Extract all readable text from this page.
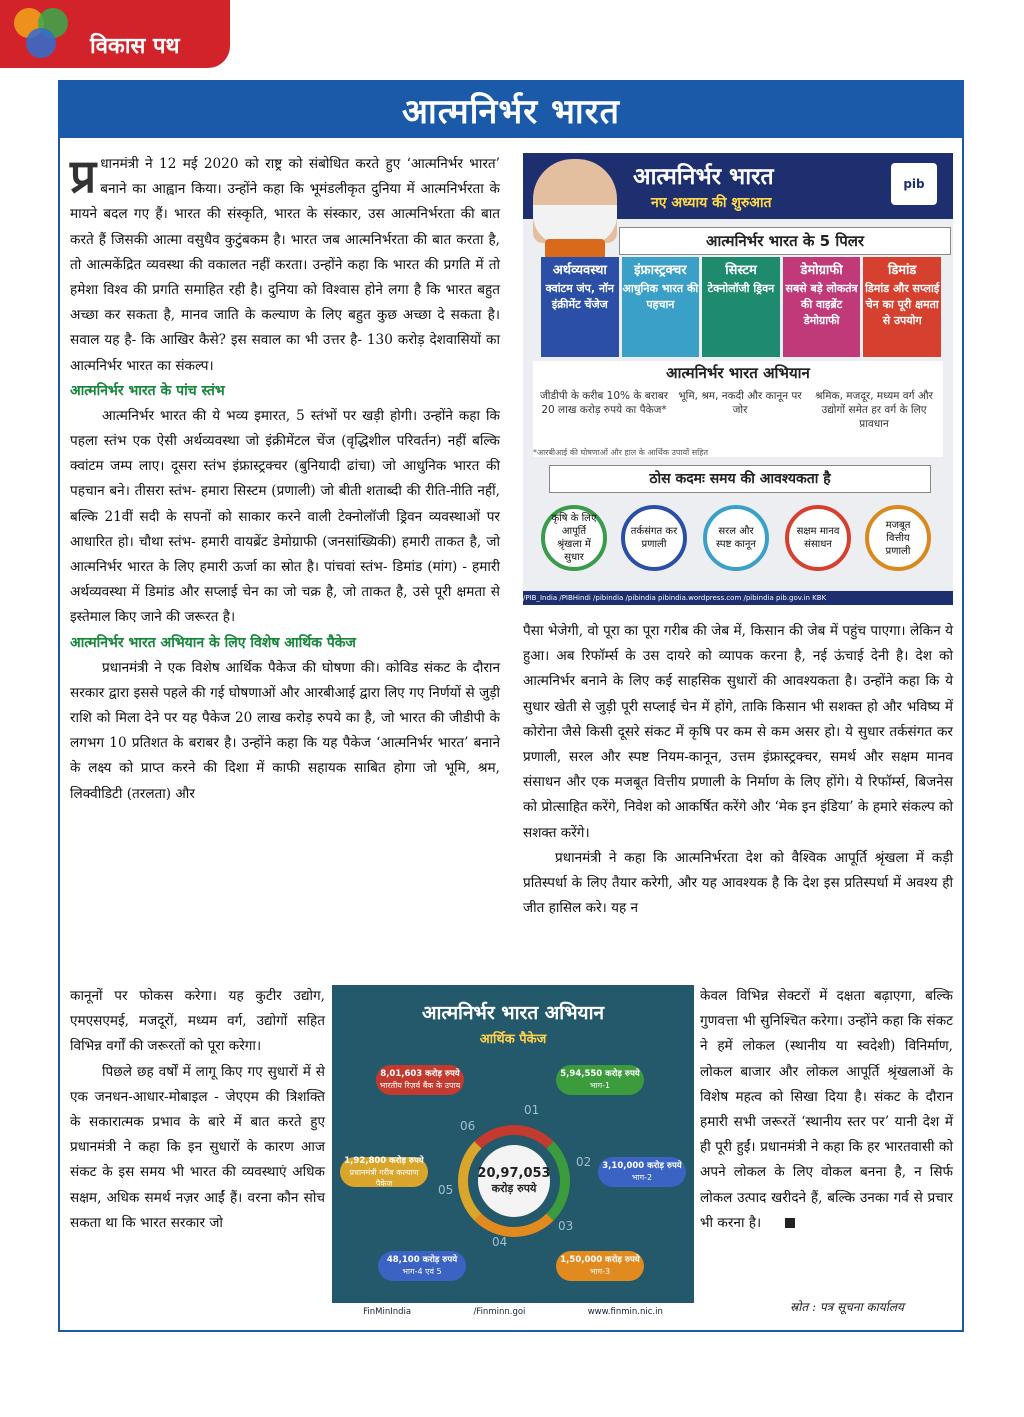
विकास पथ
आत्मनिर्भर भारत

प्र धानमंत्री ने 12 मई 2020 को राष्ट्र को संबोधित करते हुए ‘आत्मनिर्भर भारत’ बनाने का आह्वान किया। उन्होंने कहा कि भूमंडलीकृत दुनिया में आत्मनिर्भरता के मायने बदल गए हैं। भारत की संस्कृति, भारत के संस्कार, उस आत्मनिर्भरता की बात करते हैं जिसकी आत्मा वसुधैव कुटुंबकम है। भारत जब आत्मनिर्भरता की बात करता है, तो आत्मकेंद्रित व्यवस्था की वकालत नहीं करता। उन्होंने कहा कि भारत की प्रगति में तो हमेशा विश्व की प्रगति समाहित रही है। दुनिया को विश्वास होने लगा है कि भारत बहुत अच्छा कर सकता है, मानव जाति के कल्याण के लिए बहुत कुछ अच्छा दे सकता है। सवाल यह है- कि आखिर कैसे? इस सवाल का भी उत्तर है- 130 करोड़ देशवासियों का आत्मनिर्भर भारत का संकल्प।

आत्मनिर्भर भारत के पांच स्तंभ

आत्मनिर्भर भारत की ये भव्य इमारत, 5 स्तंभों पर खड़ी होगी। उन्होंने कहा कि पहला स्तंभ एक ऐसी अर्थव्यवस्था जो इंक्रीमेंटल चेंज (वृद्धिशील परिवर्तन) नहीं बल्कि क्वांटम जम्प लाए। दूसरा स्तंभ इंफ्रास्ट्रक्चर (बुनियादी ढांचा) जो आधुनिक भारत की पहचान बने। तीसरा स्तंभ- हमारा सिस्टम (प्रणाली) जो बीती शताब्दी की रीति-नीति नहीं, बल्कि 21वीं सदी के सपनों को साकार करने वाली टेक्नोलॉजी ड्रिवन व्यवस्थाओं पर आधारित हो। चौथा स्तंभ- हमारी वायब्रेंट डेमोग्राफी (जनसांख्यिकी) हमारी ताकत है, जो आत्मनिर्भर भारत के लिए हमारी ऊर्जा का स्रोत है। पांचवां स्तंभ- डिमांड (मांग) - हमारी अर्थव्यवस्था में डिमांड और सप्लाई चेन का जो चक्र है, जो ताकत है, उसे पूरी क्षमता से इस्तेमाल किए जाने की जरूरत है।

आत्मनिर्भर भारत अभियान के लिए विशेष आर्थिक पैकेज

प्रधानमंत्री ने एक विशेष आर्थिक पैकेज की घोषणा की। कोविड संकट के दौरान सरकार द्वारा इससे पहले की गई घोषणाओं और आरबीआई द्वारा लिए गए निर्णयों से जुड़ी राशि को मिला देने पर यह पैकेज 20 लाख करोड़ रुपये का है, जो भारत की जीडीपी के लगभग 10 प्रतिशत के बराबर है। उन्होंने कहा कि यह पैकेज ‘आत्मनिर्भर भारत’ बनाने के लक्ष्य को प्राप्त करने की दिशा में काफी सहायक साबित होगा जो भूमि, श्रम, लिक्वीडिटी (तरलता) और

कानूनों पर फोकस करेगा। यह कुटीर उद्योग, एमएसएमई, मजदूरों, मध्यम वर्ग, उद्योगों सहित विभिन्न वर्गों की जरूरतों को पूरा करेगा।

पिछले छह वर्षों में लागू किए गए सुधारों में से एक जनधन-आधार-मोबाइल - जेएएम की त्रिशक्ति के सकारात्मक प्रभाव के बारे में बात करते हुए प्रधानमंत्री ने कहा कि इन सुधारों के कारण आज संकट के इस समय भी भारत की व्यवस्थाएं अधिक सक्षम, अधिक समर्थ नज़र आईं हैं। वरना कौन सोच सकता था कि भारत सरकार जो

पैसा भेजेगी, वो पूरा का पूरा गरीब की जेब में, किसान की जेब में पहुंच पाएगा। लेकिन ये हुआ। अब रिफॉर्म्स के उस दायरे को व्यापक करना है, नई ऊंचाई देनी है। देश को आत्मनिर्भर बनाने के लिए कई साहसिक सुधारों की आवश्यकता है। उन्होंने कहा कि ये सुधार खेती से जुड़ी पूरी सप्लाई चेन में होंगे, ताकि किसान भी सशक्त हो और भविष्य में कोरोना जैसे किसी दूसरे संकट में कृषि पर कम से कम असर हो। ये सुधार तर्कसंगत कर प्रणाली, सरल और स्पष्ट नियम-कानून, उत्तम इंफ्रास्ट्रक्चर, समर्थ और सक्षम मानव संसाधन और एक मजबूत वित्तीय प्रणाली के निर्माण के लिए होंगे। ये रिफॉर्म्स, बिजनेस को प्रोत्साहित करेंगे, निवेश को आकर्षित करेंगे और ‘मेक इन इंडिया’ के हमारे संकल्प को सशक्त करेंगे।

प्रधानमंत्री ने कहा कि आत्मनिर्भरता देश को वैश्विक आपूर्ति श्रृंखला में कड़ी प्रतिस्पर्धा के लिए तैयार करेगी, और यह आवश्यक है कि देश इस प्रतिस्पर्धा में अवश्य ही जीत हासिल करे। यह न

केवल विभिन्न सेक्टरों में दक्षता बढ़ाएगा, बल्कि गुणवत्ता भी सुनिश्चित करेगा। उन्होंने कहा कि संकट ने हमें लोकल (स्थानीय या स्वदेशी) विनिर्माण, लोकल बाजार और लोकल आपूर्ति श्रृंखलाओं के विशेष महत्व को सिखा दिया है। संकट के दौरान हमारी सभी जरूरतें ‘स्थानीय स्तर पर’ यानी देश में ही पूरी हुईं। प्रधानमंत्री ने कहा कि हर भारतवासी को अपने लोकल के लिए वोकल बनना है, न सिर्फ लोकल उत्पाद खरीदने हैं, बल्कि उनका गर्व से प्रचार भी करना है।

स्रोत : पत्र सूचना कार्यालय
आत्मनिर्भर भारत
नए अध्याय की शुरुआत
pib
आत्मनिर्भर भारत के 5 पिलर
अर्थव्यवस्था
क्वांटम जंप, नॉन इंक्रीमेंट चेंजेज
इंफ्रास्ट्रक्चर
आधुनिक भारत की पहचान
सिस्टम
टेक्नोलॉजी ड्रिवन
डेमोग्राफी
सबसे बड़े लोकतंत्र की वाइब्रेंट डेमोग्राफी
डिमांड
डिमांड और सप्लाई चेन का पूरी क्षमता से उपयोग
आत्मनिर्भर भारत अभियान
जीडीपी के करीब 10% के बराबर 20 लाख करोड़ रुपये का पैकेज*
भूमि, श्रम, नकदी और कानून पर जोर
श्रमिक, मजदूर, मध्यम वर्ग और उद्योगों समेत हर वर्ग के लिए प्रावधान
*आरबीआई की घोषणाओं और हाल के आर्थिक उपायों सहित
ठोस कदमः समय की आवश्यकता है
कृषि के लिए आपूर्ति श्रृंखला में सुधार
तर्कसंगत कर प्रणाली
सरल और स्पष्ट कानून
सक्षम मानव संसाधन
मजबूत वित्तीय प्रणाली
/PIB_India /PIBHindi /pibindia /pibindia pibindia.wordpress.com /pibindia pib.gov.in KBK
आत्मनिर्भर भारत अभियान
आर्थिक पैकेज
20,97,053
करोड़ रुपये
01
02
03
04
05
06
5,94,550 करोड़ रुपये
भाग-1
3,10,000 करोड़ रुपये
भाग-2
1,50,000 करोड़ रुपये
भाग-3
48,100 करोड़ रुपये
भाग-4 एवं 5
1,92,800 करोड़ रुपये
प्रधानमंत्री गरीब कल्याण पैकेज
8,01,603 करोड़ रुपये
भारतीय रिज़र्व बैंक के उपाय
FinMinIndia	/Finminn.goi	www.finmin.nic.in
